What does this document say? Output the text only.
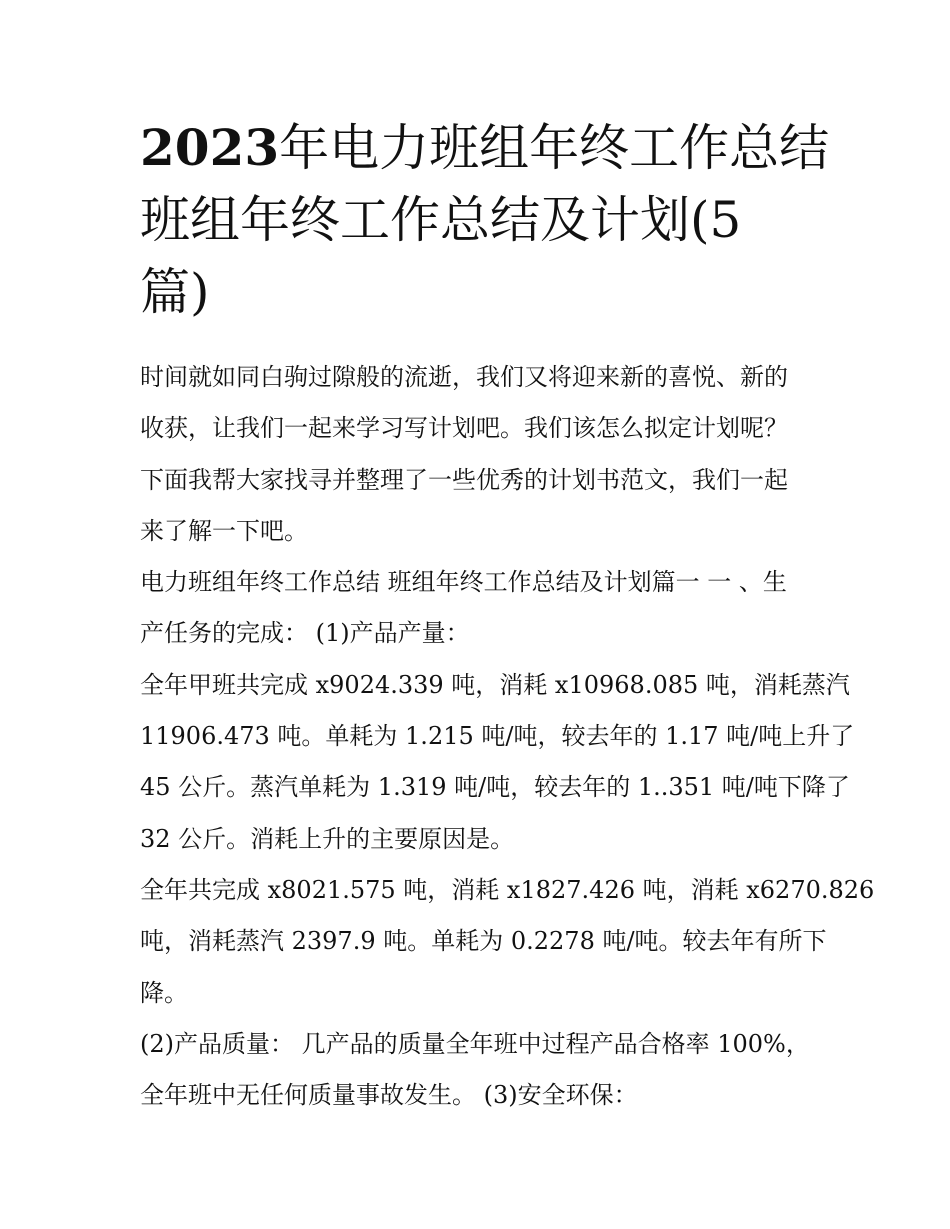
2023年电力班组年终工作总结
班组年终工作总结及计划(5
篇)

时间就如同白驹过隙般的流逝，我们又将迎来新的喜悦、新的
收获，让我们一起来学习写计划吧。我们该怎么拟定计划呢？
下面我帮大家找寻并整理了一些优秀的计划书范文，我们一起
来了解一下吧。

电力班组年终工作总结 班组年终工作总结及计划篇一 一 、生
产任务的完成： (1)产品产量：

全年甲班共完成 x9024.339 吨，消耗 x10968.085 吨，消耗蒸汽
11906.473 吨。单耗为 1.215 吨/吨，较去年的 1.17 吨/吨上升了
45 公斤。蒸汽单耗为 1.319 吨/吨，较去年的 1..351 吨/吨下降了
32 公斤。消耗上升的主要原因是。

全年共完成 x8021.575 吨，消耗 x1827.426 吨，消耗 x6270.826
吨，消耗蒸汽 2397.9 吨。单耗为 0.2278 吨/吨。较去年有所下
降。

(2)产品质量： 几产品的质量全年班中过程产品合格率 100%，
全年班中无任何质量事故发生。 (3)安全环保：
